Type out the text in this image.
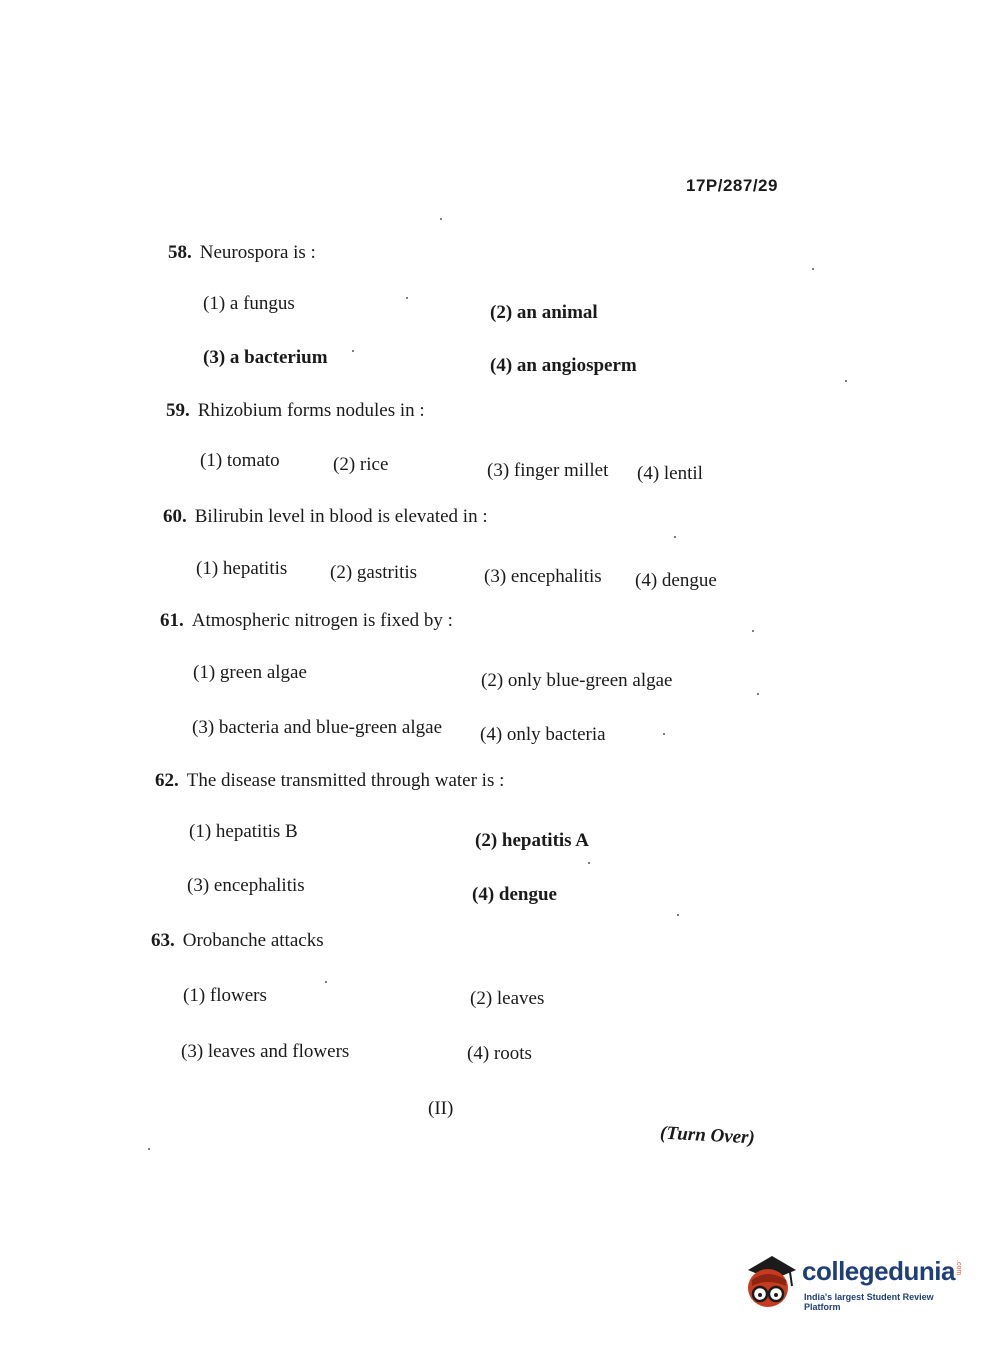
17P/287/29
58. Neurospora is :
(1) a fungus	(2) an animal
(3) a bacterium	(4) an angiosperm
59. Rhizobium forms nodules in :
(1) tomato	(2) rice	(3) finger millet (4) lentil
60. Bilirubin level in blood is elevated in :
(1) hepatitis (2) gastritis	(3) encephalitis (4) dengue
61. Atmospheric nitrogen is fixed by :
(1) green algae	(2) only blue-green algae
(3) bacteria and blue-green algae (4) only bacteria
62. The disease transmitted through water is :
(1) hepatitis B	(2) hepatitis A
(3) encephalitis	(4) dengue
63. Orobanche attacks
(1) flowers	(2) leaves
(3) leaves and flowers	(4) roots
(II)
(Turn Over)
collegedunia .com
India's largest Student Review Platform
